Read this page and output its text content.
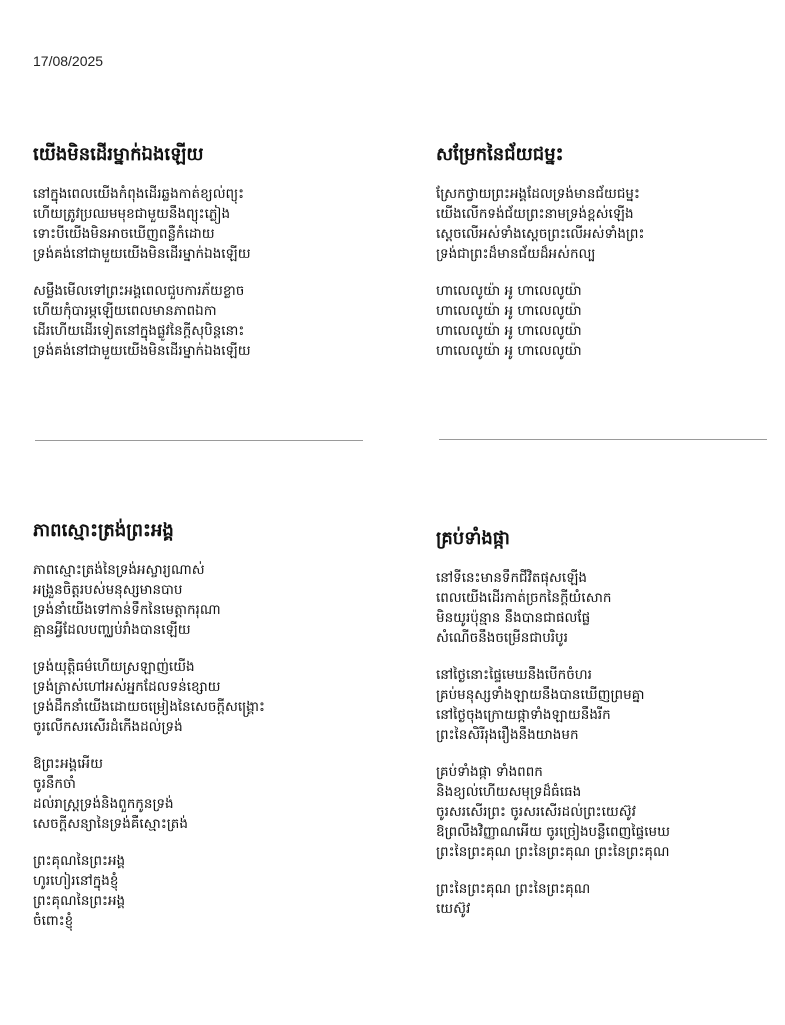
17/08/2025
យើងមិនដើរម្នាក់ឯងឡើយ
នៅក្នុងពេលយើងកំពុងដើរឆ្លងកាត់ខ្យល់ព្យុះ
ហើយត្រូវប្រឈមមុខជាមួយនឹងព្យុះភ្លៀង
ទោះបីយើងមិនអាចឃើញពន្លឺកំដោយ
ទ្រង់គង់នៅជាមួយយើងមិនដើរម្នាក់ឯងឡើយ
សម្លឹងមើលទៅព្រះអង្គពេលជួបការភ័យខ្លាច
ហើយកុំបារម្ភឡើយពេលមានភាពឯកា
ដើរហើយដើរទៀតនៅក្នុងផ្លូវនៃក្តីសុបិន្តនោះ
ទ្រង់គង់នៅជាមួយយើងមិនដើរម្នាក់ឯងឡើយ
សម្រែកនៃជ័យជម្នះ
ស្រែកថ្វាយព្រះអង្គដែលទ្រង់មានជ័យជម្នះ
យើងលើកទង់ជ័យព្រះនាមទ្រង់ខ្ពស់ឡើង
ស្តេចលើអស់ទាំងស្តេចព្រះលើអស់ទាំងព្រះ
ទ្រង់ជាព្រះដ៏មានជ័យដ៏អស់កល្ប
ហាលេលូយ៉ា អូ ហាលេលូយ៉ា
ហាលេលូយ៉ា អូ ហាលេលូយ៉ា
ហាលេលូយ៉ា អូ ហាលេលូយ៉ា
ហាលេលូយ៉ា អូ ហាលេលូយ៉ា
ភាពស្មោះត្រង់ព្រះអង្គ
ភាពស្មោះត្រង់នៃទ្រង់អស្ចារ្យណាស់
អង្រួនចិត្តរបស់មនុស្សមានបាប
ទ្រង់នាំយើងទៅកាន់ទឹកនៃមេត្តាករុណា
គ្មានអ្វីដែលបញ្ឈប់រាំងបានឡើយ
ទ្រង់យុត្តិធម៌ហើយស្រឡាញ់យើង
ទ្រង់ត្រាស់ហៅអស់អ្នកដែលទន់ខ្សោយ
ទ្រង់ដឹកនាំយើងដោយចម្រៀងនៃសេចក្តីសង្គ្រោះ
ចូរលើកសរសើរដំកើងដល់ទ្រង់
ឱព្រះអង្គអើយ
ចូរនឹកចាំ
ដល់រាស្ត្រទ្រង់និងពួកកូនទ្រង់
សេចក្តីសន្យានៃទ្រង់គឺស្មោះត្រង់
ព្រះគុណនៃព្រះអង្គ
ហូរហៀរនៅក្នុងខ្ញុំ
ព្រះគុណនៃព្រះអង្គ
ចំពោះខ្ញុំ
គ្រប់ទាំងផ្កា
នៅទីនេះមានទឹកជីវិតផុសឡើង
ពេលយើងដើរកាត់ច្រកនៃក្តីយំសោក
មិនយូរប៉ុន្មាន នឹងបានជាផលផ្លែ
សំណើចនឹងចម្រើនជាបរិបូរ
នៅថ្ងៃនោះផ្ទៃមេឃនឹងបើកចំហរ
គ្រប់មនុស្សទាំងឡាយនឹងបានឃើញព្រមគ្នា
នៅថ្ងៃចុងក្រោយផ្កាទាំងឡាយនឹងរីក
ព្រះនៃសិរីរុងរឿងនឹងយាងមក
គ្រប់ទាំងផ្កា ទាំងពពក
និងខ្យល់ហើយសមុទ្រដ៏ធំធេង
ចូរសរសើរព្រះ ចូរសរសើរដល់ព្រះយេស៊ូវ
ឱព្រលឹងវិញ្ញាណអើយ ចូរច្រៀងបន្លឺពេញផ្ទៃមេឃ
ព្រះនៃព្រះគុណ ព្រះនៃព្រះគុណ ព្រះនៃព្រះគុណ
ព្រះនៃព្រះគុណ ព្រះនៃព្រះគុណ
យេស៊ូវ
